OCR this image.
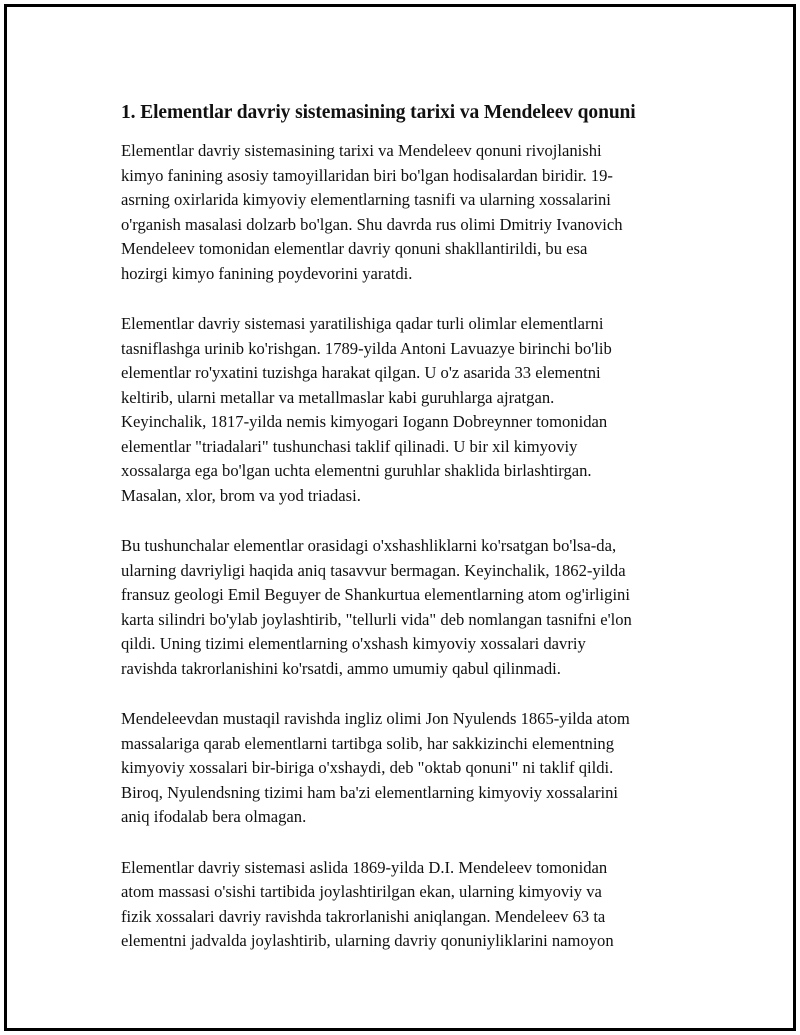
1. Elementlar davriy sistemasining tarixi va Mendeleev qonuni

Elementlar davriy sistemasining tarixi va Mendeleev qonuni rivojlanishi
kimyo fanining asosiy tamoyillaridan biri bo'lgan hodisalardan biridir. 19-
asrning oxirlarida kimyoviy elementlarning tasnifi va ularning xossalarini
o'rganish masalasi dolzarb bo'lgan. Shu davrda rus olimi Dmitriy Ivanovich
Mendeleev tomonidan elementlar davriy qonuni shakllantirildi, bu esa
hozirgi kimyo fanining poydevorini yaratdi.

Elementlar davriy sistemasi yaratilishiga qadar turli olimlar elementlarni
tasniflashga urinib ko'rishgan. 1789-yilda Antoni Lavuazye birinchi bo'lib
elementlar ro'yxatini tuzishga harakat qilgan. U o'z asarida 33 elementni
keltirib, ularni metallar va metallmaslar kabi guruhlarga ajratgan.
Keyinchalik, 1817-yilda nemis kimyogari Iogann Dobreynner tomonidan
elementlar "triadalari" tushunchasi taklif qilinadi. U bir xil kimyoviy
xossalarga ega bo'lgan uchta elementni guruhlar shaklida birlashtirgan.
Masalan, xlor, brom va yod triadasi.

Bu tushunchalar elementlar orasidagi o'xshashliklarni ko'rsatgan bo'lsa-da,
ularning davriyligi haqida aniq tasavvur bermagan. Keyinchalik, 1862-yilda
fransuz geologi Emil Beguyer de Shankurtua elementlarning atom og'irligini
karta silindri bo'ylab joylashtirib, "tellurli vida" deb nomlangan tasnifni e'lon
qildi. Uning tizimi elementlarning o'xshash kimyoviy xossalari davriy
ravishda takrorlanishini ko'rsatdi, ammo umumiy qabul qilinmadi.

Mendeleevdan mustaqil ravishda ingliz olimi Jon Nyulends 1865-yilda atom
massalariga qarab elementlarni tartibga solib, har sakkizinchi elementning
kimyoviy xossalari bir-biriga o'xshaydi, deb "oktab qonuni" ni taklif qildi.
Biroq, Nyulendsning tizimi ham ba'zi elementlarning kimyoviy xossalarini
aniq ifodalab bera olmagan.

Elementlar davriy sistemasi aslida 1869-yilda D.I. Mendeleev tomonidan
atom massasi o'sishi tartibida joylashtirilgan ekan, ularning kimyoviy va
fizik xossalari davriy ravishda takrorlanishi aniqlangan. Mendeleev 63 ta
elementni jadvalda joylashtirib, ularning davriy qonuniyliklarini namoyon
